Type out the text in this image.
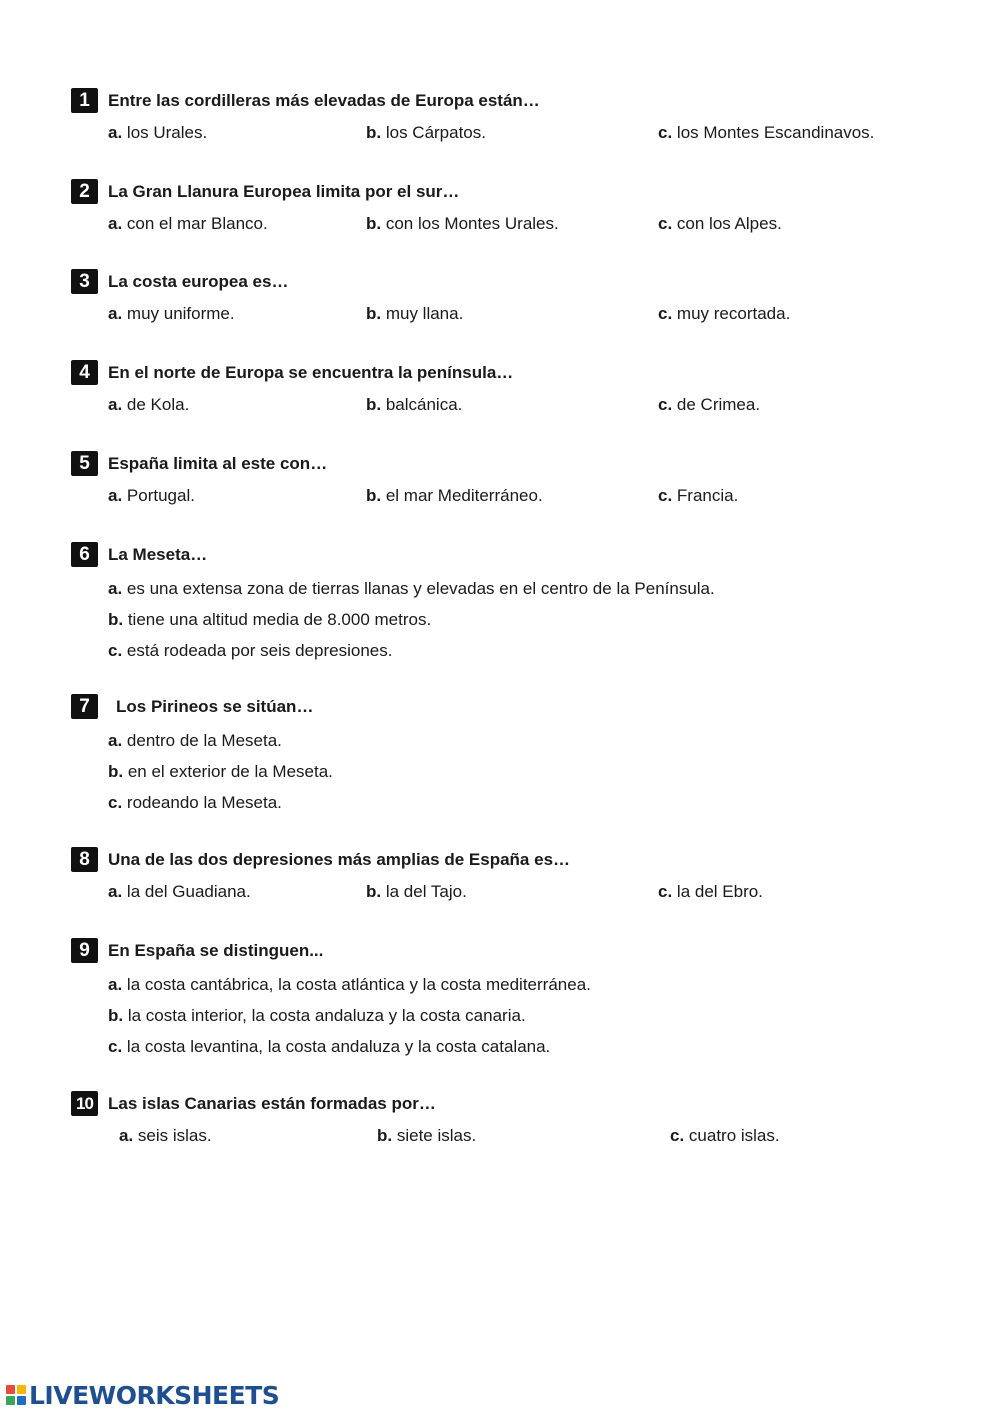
1	Entre las cordilleras más elevadas de Europa están…
a. los Urales.	b. los Cárpatos.	c. los Montes Escandinavos.
2	La Gran Llanura Europea limita por el sur…
a. con el mar Blanco.	b. con los Montes Urales.	c. con los Alpes.
3	La costa europea es…
a. muy uniforme.	b. muy llana.	c. muy recortada.
4	En el norte de Europa se encuentra la península…
a. de Kola.	b. balcánica.	c. de Crimea.
5	España limita al este con…
a. Portugal.	b. el mar Mediterráneo.	c. Francia.
6	La Meseta…
a. es una extensa zona de tierras llanas y elevadas en el centro de la Península.
b. tiene una altitud media de 8.000 metros.
c. está rodeada por seis depresiones.
7	Los Pirineos se sitúan…
a. dentro de la Meseta.
b. en el exterior de la Meseta.
c. rodeando la Meseta.
8	Una de las dos depresiones más amplias de España es…
a. la del Guadiana.	b. la del Tajo.	c. la del Ebro.
9	En España se distinguen...
a. la costa cantábrica, la costa atlántica y la costa mediterránea.
b. la costa interior, la costa andaluza y la costa canaria.
c. la costa levantina, la costa andaluza y la costa catalana.
10 Las islas Canarias están formadas por…
a. seis islas.	b. siete islas.	c. cuatro islas.
LIVEWORKSHEETS
